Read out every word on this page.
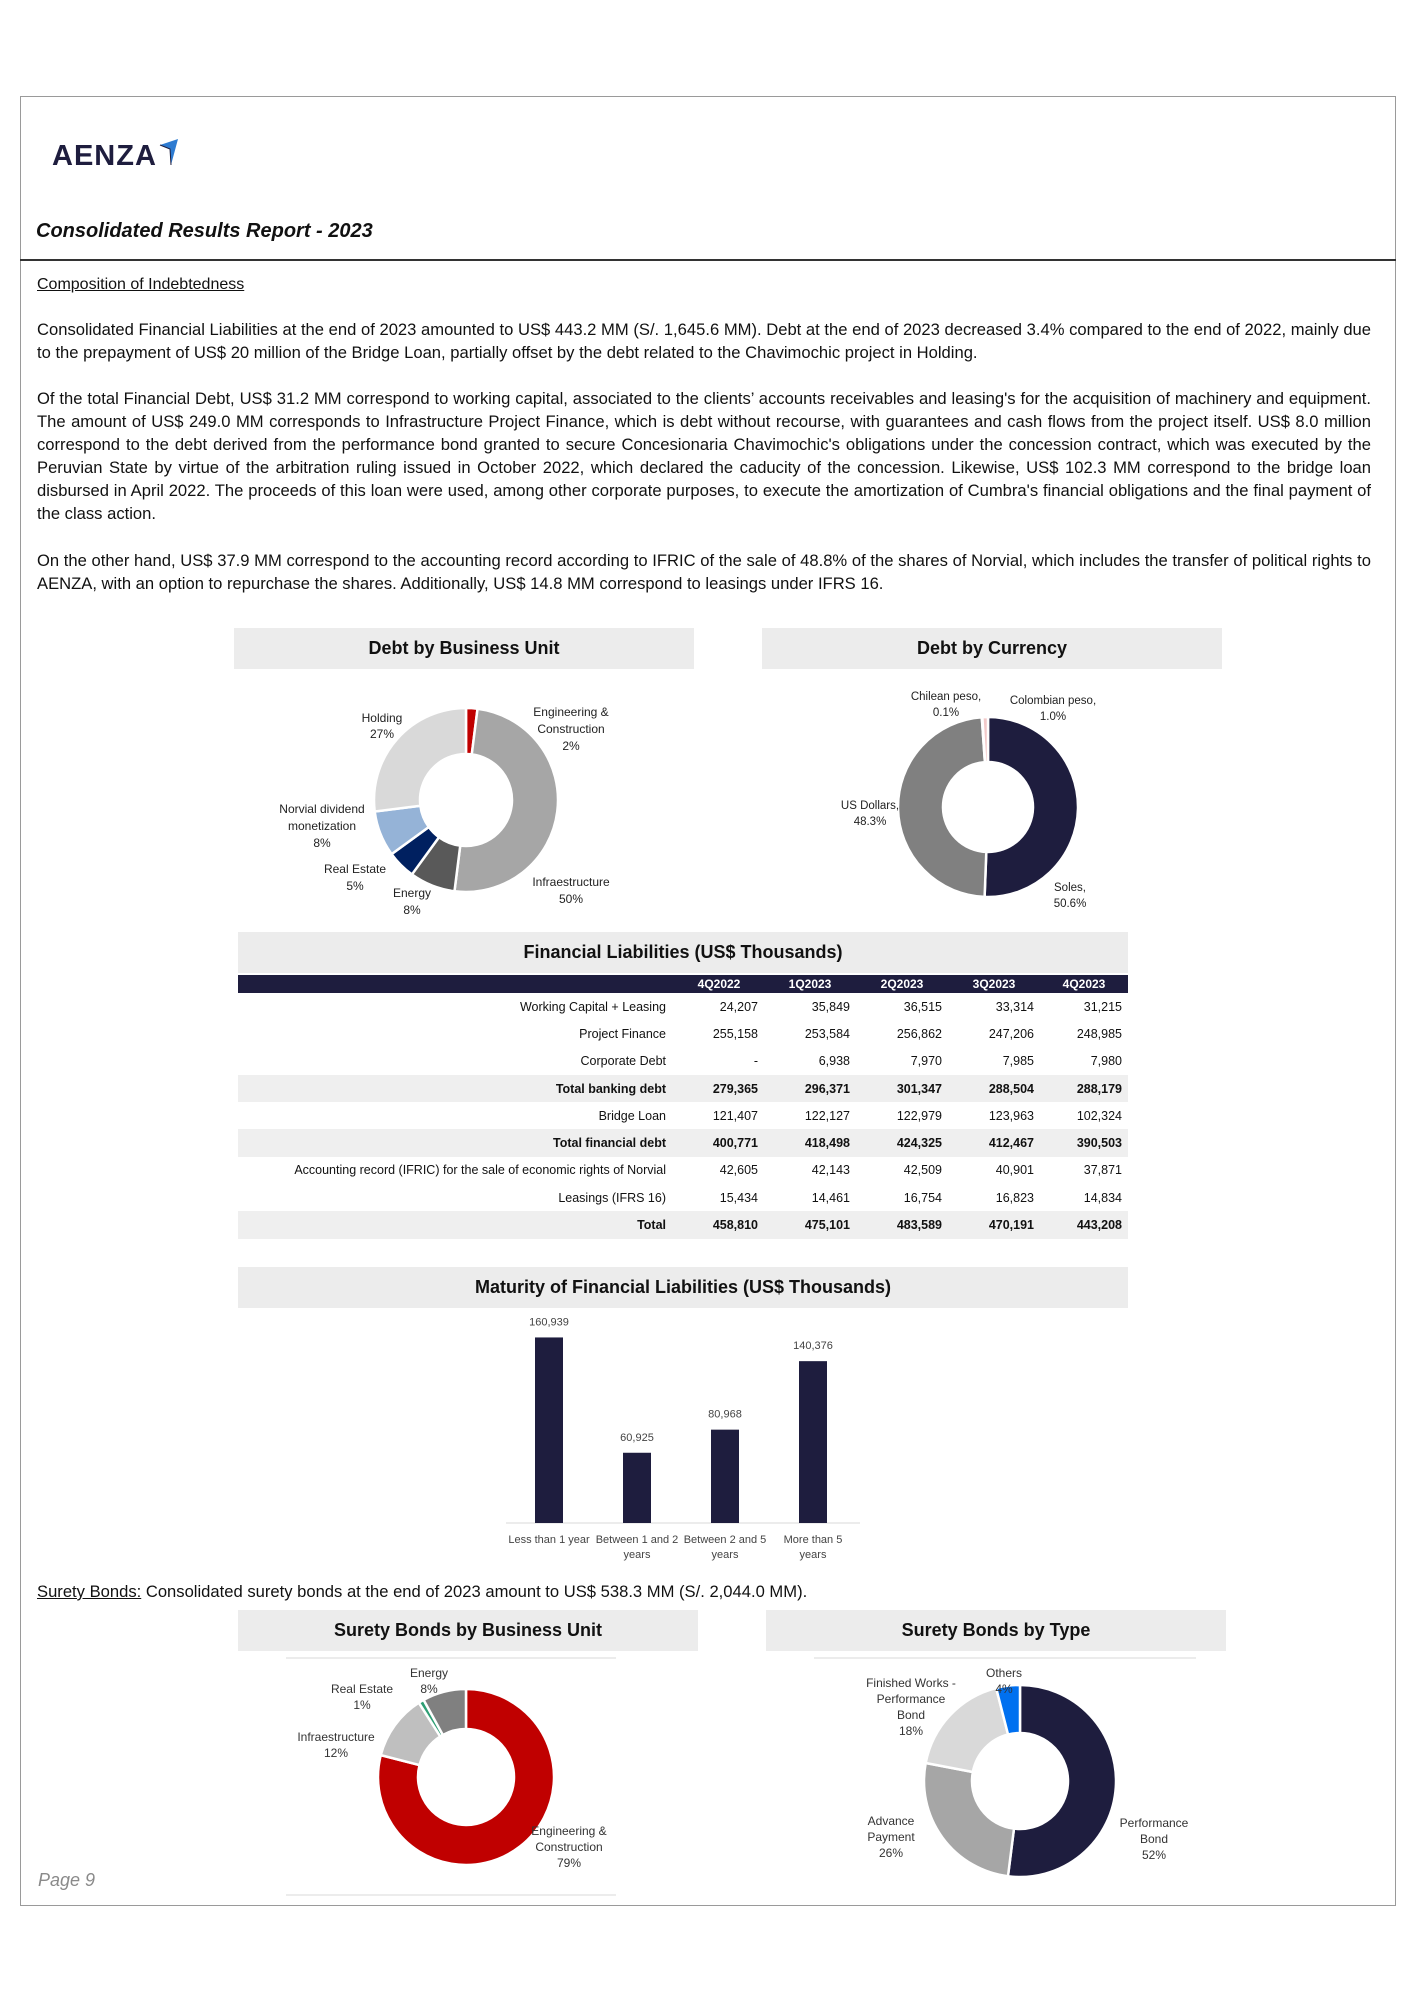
AENZA
Consolidated Results Report - 2023
Composition of Indebtedness

Consolidated Financial Liabilities at the end of 2023 amounted to US$ 443.2 MM (S/. 1,645.6 MM). Debt at the end of 2023 decreased 3.4% compared to the end of 2022, mainly due to the prepayment of US$ 20 million of the Bridge Loan, partially offset by the debt related to the Chavimochic project in Holding.

Of the total Financial Debt, US$ 31.2 MM correspond to working capital, associated to the clients’ accounts receivables and leasing's for the acquisition of machinery and equipment. The amount of US$ 249.0 MM corresponds to Infrastructure Project Finance, which is debt without recourse, with guarantees and cash flows from the project itself. US$ 8.0 million correspond to the debt derived from the performance bond granted to secure Concesionaria Chavimochic's obligations under the concession contract, which was executed by the Peruvian State by virtue of the arbitration ruling issued in October 2022, which declared the caducity of the concession. Likewise, US$ 102.3 MM correspond to the bridge loan disbursed in April 2022. The proceeds of this loan were used, among other corporate purposes, to execute the amortization of Cumbra's financial obligations and the final payment of the class action.

On the other hand, US$ 37.9 MM correspond to the accounting record according to IFRIC of the sale of 48.8% of the shares of Norvial, which includes the transfer of political rights to AENZA, with an option to repurchase the shares. Additionally, US$ 14.8 MM correspond to leasings under IFRS 16.

Debt by Business Unit
Holding
27%
Engineering &
Construction
2%
Norvial dividend
monetization
8%
Real Estate
5% Energy
8%
Infraestructure
50%
Debt by Currency
Chilean peso,
0.1%
Colombian peso,
1.0%
US Dollars,
48.3%
Soles,
50.6%
Financial Liabilities (US$ Thousands)
	4Q2022	1Q2023	2Q2023	3Q2023	4Q2023
Working Capital + Leasing	24,207	35,849	36,515	33,314	31,215
Project Finance	255,158	253,584	256,862	247,206	248,985
Corporate Debt	-	6,938	7,970	7,985	7,980
Total banking debt	279,365	296,371	301,347	288,504	288,179
Bridge Loan	121,407	122,127	122,979	123,963	102,324
Total financial debt	400,771	418,498	424,325	412,467	390,503
Accounting record (IFRIC) for the sale of economic rights of Norvial	42,605	42,143	42,509	40,901	37,871
Leasings (IFRS 16)	15,434	14,461	16,754	16,823	14,834
Total	458,810	475,101	483,589	470,191	443,208
Maturity of Financial Liabilities (US$ Thousands)
160,939
Less than 1 year
60,925
Between 1 and 2
years
80,968
Between 2 and 5
years
140,376
More than 5
years
Surety Bonds: Consolidated surety bonds at the end of 2023 amount to US$ 538.3 MM (S/. 2,044.0 MM).
Surety Bonds by Business Unit
Energy
8%
Real Estate
1%
Infraestructure
12%
Engineering &
Construction
79%
Surety Bonds by Type
Others
4%
Finished Works -
Performance
Bond
18%
Advance
Payment
26%
Performance
Bond
52%
Page 9
